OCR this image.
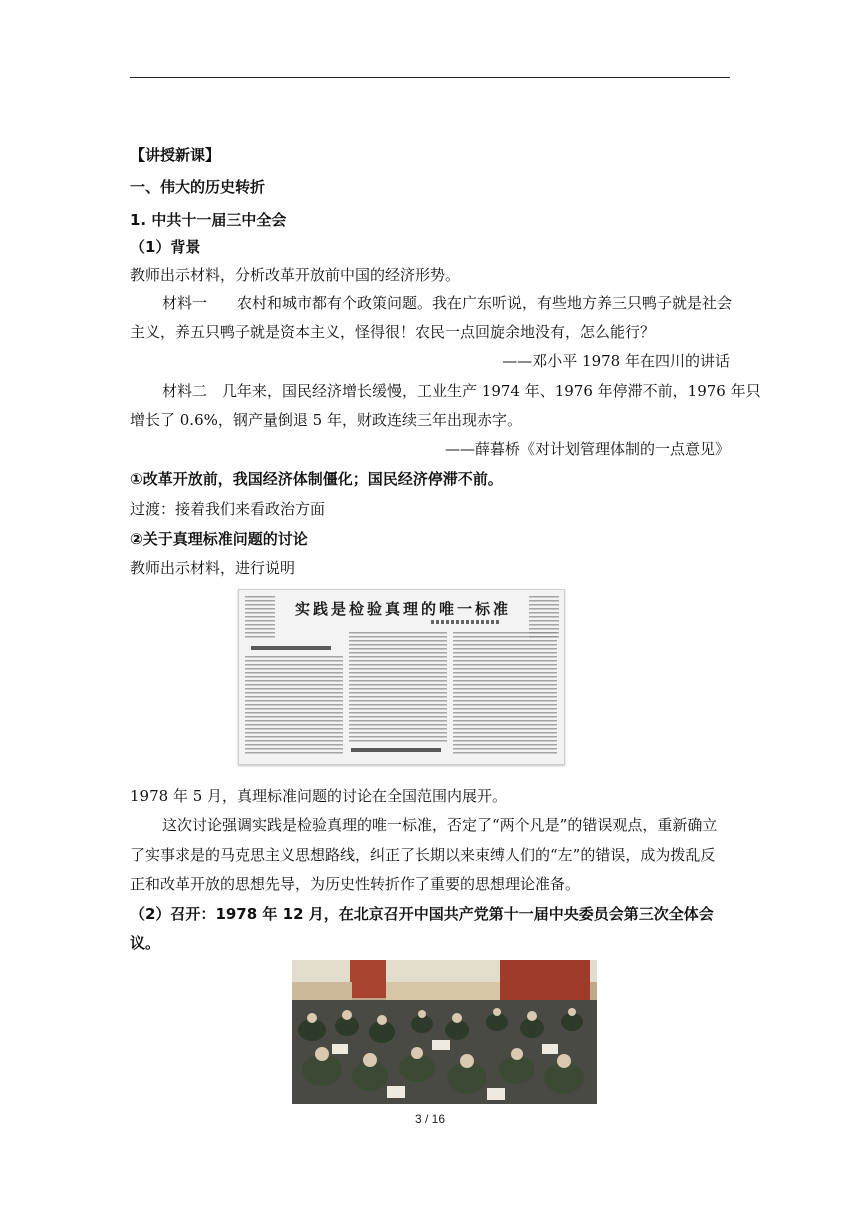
【讲授新课】
一、伟大的历史转折
1. 中共十一届三中全会
（1）背景
教师出示材料，分析改革开放前中国的经济形势。
材料一　　农村和城市都有个政策问题。我在广东听说，有些地方养三只鸭子就是社会
主义，养五只鸭子就是资本主义，怪得很！农民一点回旋余地没有，怎么能行？
——邓小平 1978 年在四川的讲话
材料二　几年来，国民经济增长缓慢，工业生产 1974 年、1976 年停滞不前，1976 年只
增长了 0.6%，钢产量倒退 5 年，财政连续三年出现赤字。
——薛暮桥《对计划管理体制的一点意见》
①改革开放前，我国经济体制僵化；国民经济停滞不前。
过渡：接着我们来看政治方面
②关于真理标准问题的讨论
教师出示材料，进行说明
实践是检验真理的唯一标准
1978 年 5 月，真理标准问题的讨论在全国范围内展开。
这次讨论强调实践是检验真理的唯一标准，否定了“两个凡是”的错误观点，重新确立
了实事求是的马克思主义思想路线，纠正了长期以来束缚人们的“左”的错误，成为拨乱反
正和改革开放的思想先导，为历史性转折作了重要的思想理论准备。
（2）召开：1978 年 12 月，在北京召开中国共产党第十一届中央委员会第三次全体会
议。
3 / 16
